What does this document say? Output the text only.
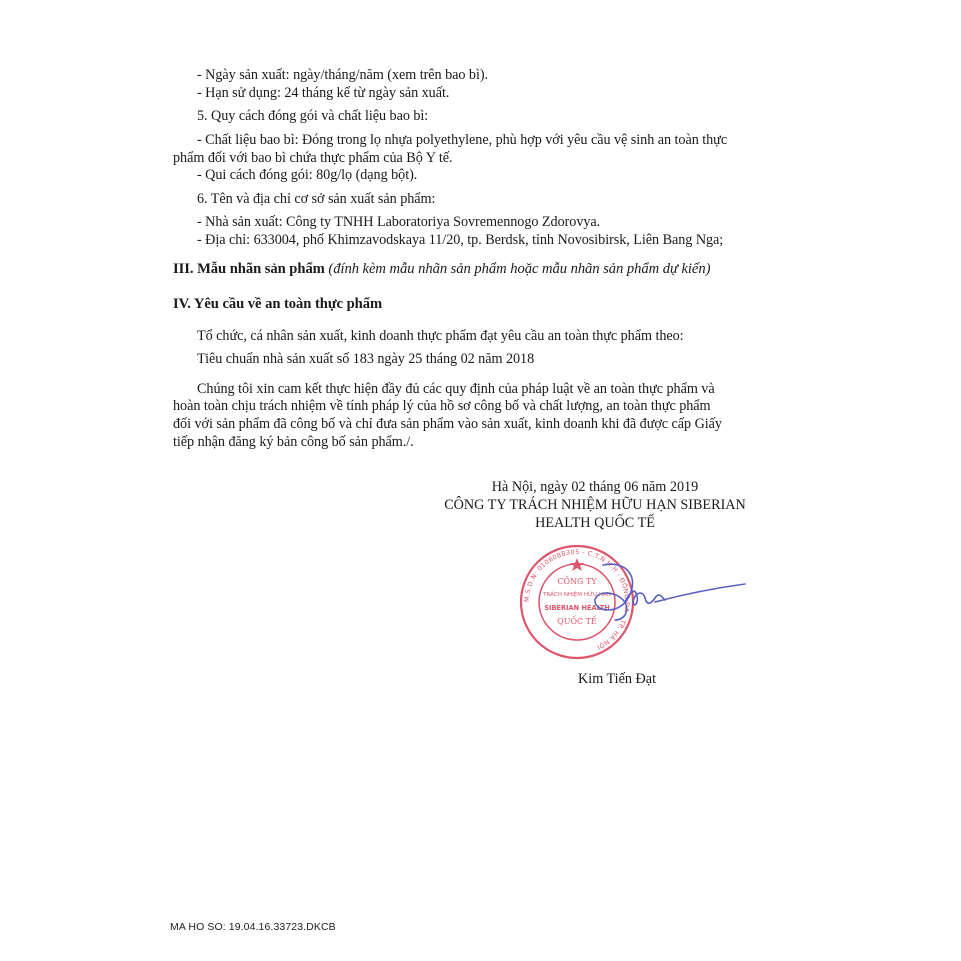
- Ngày sản xuất: ngày/tháng/năm (xem trên bao bì).
- Hạn sử dụng: 24 tháng kể từ ngày sản xuất.
5. Quy cách đóng gói và chất liệu bao bì:
- Chất liệu bao bì: Đóng trong lọ nhựa polyethylene, phù hợp với yêu cầu vệ sinh an toàn thực
phẩm đối với bao bì chứa thực phẩm của Bộ Y tế.
- Qui cách đóng gói: 80g/lọ (dạng bột).
6. Tên và địa chỉ cơ sở sản xuất sản phẩm:
- Nhà sản xuất: Công ty TNHH Laboratoriya Sovremennogo Zdorovya.
- Địa chỉ: 633004, phố Khimzavodskaya 11/20, tp. Berdsk, tỉnh Novosibirsk, Liên Bang Nga;
III. Mẫu nhãn sản phẩm (đính kèm mẫu nhãn sản phẩm hoặc mẫu nhãn sản phẩm dự kiến)
IV. Yêu cầu về an toàn thực phẩm
Tổ chức, cá nhân sản xuất, kinh doanh thực phẩm đạt yêu cầu an toàn thực phẩm theo:
Tiêu chuẩn nhà sản xuất số 183 ngày 25 tháng 02 năm 2018
Chúng tôi xin cam kết thực hiện đầy đủ các quy định của pháp luật về an toàn thực phẩm và
hoàn toàn chịu trách nhiệm về tính pháp lý của hồ sơ công bố và chất lượng, an toàn thực phẩm
đối với sản phẩm đã công bố và chỉ đưa sản phẩm vào sản xuất, kinh doanh khi đã được cấp Giấy
tiếp nhận đăng ký bản công bố sản phẩm./.
Hà Nội, ngày 02 tháng 06 năm 2019
CÔNG TY TRÁCH NHIỆM HỮU HẠN SIBERIAN
HEALTH QUỐC TẾ
M.S.D.N: 0106088305 - C.T.N.H.H - ĐỐNG ĐA - TP. HÀ NỘI
CÔNG TY
TRÁCH NHIỆM HỮU HẠN
SIBERIAN HEALTH
QUỐC TẾ
Kim Tiến Đạt
MA HO SO: 19.04.16.33723.DKCB
